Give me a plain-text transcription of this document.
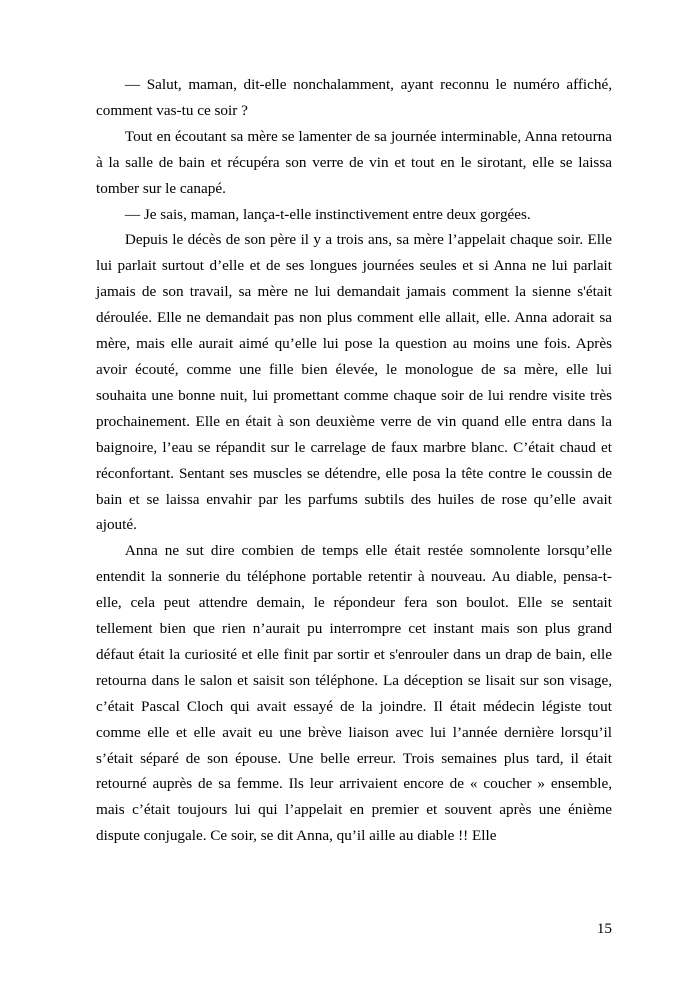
— Salut, maman, dit-elle nonchalamment, ayant reconnu le numéro affiché, comment vas-tu ce soir ?

Tout en écoutant sa mère se lamenter de sa journée interminable, Anna retourna à la salle de bain et récupéra son verre de vin et tout en le sirotant, elle se laissa tomber sur le canapé.

— Je sais, maman, lança-t-elle instinctivement entre deux gorgées.

Depuis le décès de son père il y a trois ans, sa mère l’appelait chaque soir. Elle lui parlait surtout d’elle et de ses longues journées seules et si Anna ne lui parlait jamais de son travail, sa mère ne lui demandait jamais comment la sienne s'était déroulée. Elle ne demandait pas non plus comment elle allait, elle. Anna adorait sa mère, mais elle aurait aimé qu’elle lui pose la question au moins une fois. Après avoir écouté, comme une fille bien élevée, le monologue de sa mère, elle lui souhaita une bonne nuit, lui promettant comme chaque soir de lui rendre visite très prochainement. Elle en était à son deuxième verre de vin quand elle entra dans la baignoire, l’eau se répandit sur le carrelage de faux marbre blanc. C’était chaud et réconfortant. Sentant ses muscles se détendre, elle posa la tête contre le coussin de bain et se laissa envahir par les parfums subtils des huiles de rose qu’elle avait ajouté.

Anna ne sut dire combien de temps elle était restée somnolente lorsqu’elle entendit la sonnerie du téléphone portable retentir à nouveau. Au diable, pensa-t-elle, cela peut attendre demain, le répondeur fera son boulot. Elle se sentait tellement bien que rien n’aurait pu interrompre cet instant mais son plus grand défaut était la curiosité et elle finit par sortir et s'enrouler dans un drap de bain, elle retourna dans le salon et saisit son téléphone. La déception se lisait sur son visage, c’était Pascal Cloch qui avait essayé de la joindre. Il était médecin légiste tout comme elle et elle avait eu une brève liaison avec lui l’année dernière lorsqu’il s’était séparé de son épouse. Une belle erreur. Trois semaines plus tard, il était retourné auprès de sa femme. Ils leur arrivaient encore de « coucher » ensemble, mais c’était toujours lui qui l’appelait en premier et souvent après une énième dispute conjugale. Ce soir, se dit Anna, qu’il aille au diable !! Elle

15
